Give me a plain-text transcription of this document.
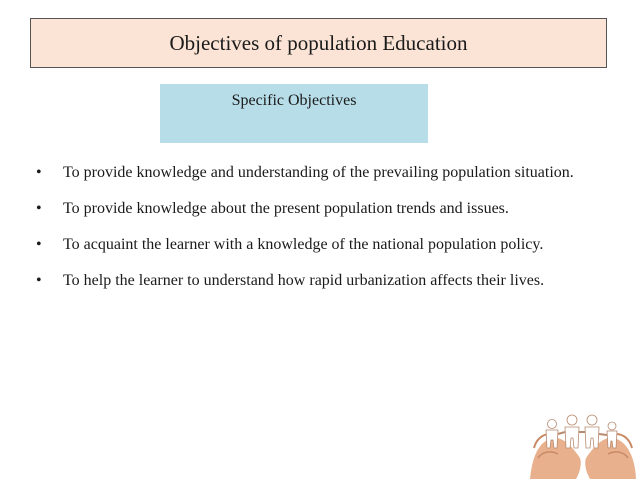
Objectives of population Education
Specific Objectives
• To provide knowledge and understanding of the prevailing population situation.
• To provide knowledge about the present population trends and issues.
• To acquaint the learner with a knowledge of the national population policy.
• To help the learner to understand how rapid urbanization affects their lives.
